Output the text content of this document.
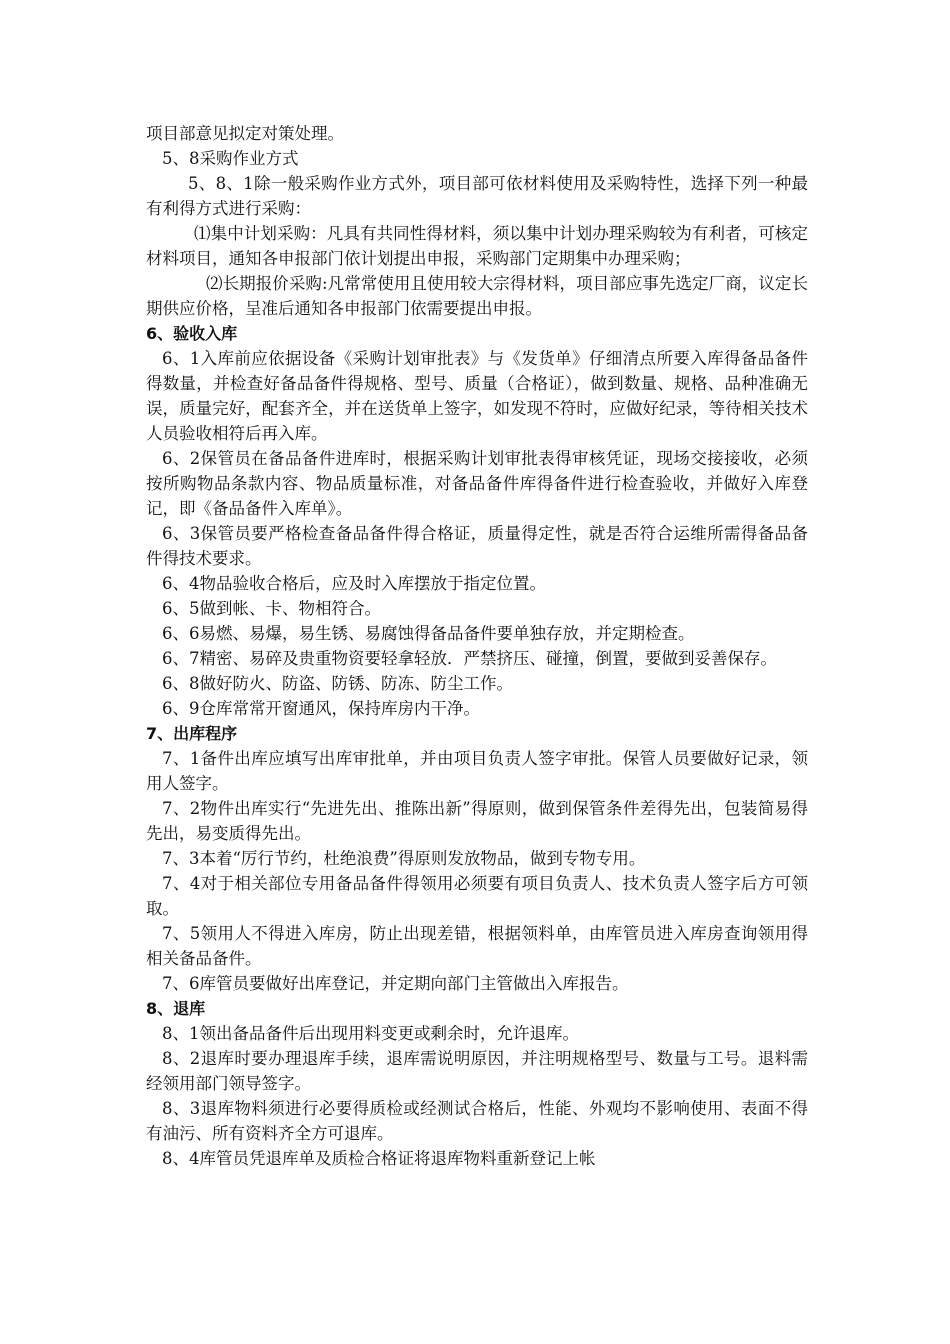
项目部意见拟定对策处理。

5、8采购作业方式

5、8、1除一般采购作业方式外，项目部可依材料使用及采购特性，选择下列一种最有利得方式进行采购：

⑴集中计划采购：凡具有共同性得材料，须以集中计划办理采购较为有利者，可核定材料项目，通知各申报部门依计划提出申报，采购部门定期集中办理采购；

⑵长期报价采购:凡常常使用且使用较大宗得材料，项目部应事先选定厂商，议定长期供应价格，呈准后通知各申报部门依需要提出申报。

6、验收入库

6、1入库前应依据设备《采购计划审批表》与《发货单》仔细清点所要入库得备品备件得数量，并检查好备品备件得规格、型号、质量（合格证），做到数量、规格、品种准确无误，质量完好，配套齐全，并在送货单上签字，如发现不符时，应做好纪录，等待相关技术人员验收相符后再入库。

6、2保管员在备品备件进库时，根据采购计划审批表得审核凭证，现场交接接收，必须按所购物品条款内容、物品质量标准，对备品备件库得备件进行检查验收，并做好入库登记，即《备品备件入库单》。

6、3保管员要严格检查备品备件得合格证，质量得定性，就是否符合运维所需得备品备件得技术要求。

6、4物品验收合格后，应及时入库摆放于指定位置。

6、5做到帐、卡、物相符合。

6、6易燃、易爆，易生锈、易腐蚀得备品备件要单独存放，并定期检查。

6、7精密、易碎及贵重物资要轻拿轻放．严禁挤压、碰撞，倒置，要做到妥善保存。

6、8做好防火、防盗、防锈、防冻、防尘工作。

6、9仓库常常开窗通风，保持库房内干净。

7、出库程序

7、1备件出库应填写出库审批单，并由项目负责人签字审批。保管人员要做好记录，领用人签字。

7、2物件出库实行“先进先出、推陈出新”得原则，做到保管条件差得先出，包装简易得先出，易变质得先出。

7、3本着“厉行节约，杜绝浪费”得原则发放物品，做到专物专用。

7、4对于相关部位专用备品备件得领用必须要有项目负责人、技术负责人签字后方可领取。

7、5领用人不得进入库房，防止出现差错，根据领料单，由库管员进入库房查询领用得相关备品备件。

7、6库管员要做好出库登记，并定期向部门主管做出入库报告。

8、退库

8、1领出备品备件后出现用料变更或剩余时，允许退库。

8、2退库时要办理退库手续，退库需说明原因，并注明规格型号、数量与工号。退料需经领用部门领导签字。

8、3退库物料须进行必要得质检或经测试合格后，性能、外观均不影响使用、表面不得有油污、所有资料齐全方可退库。

8、4库管员凭退库单及质检合格证将退库物料重新登记上帐
